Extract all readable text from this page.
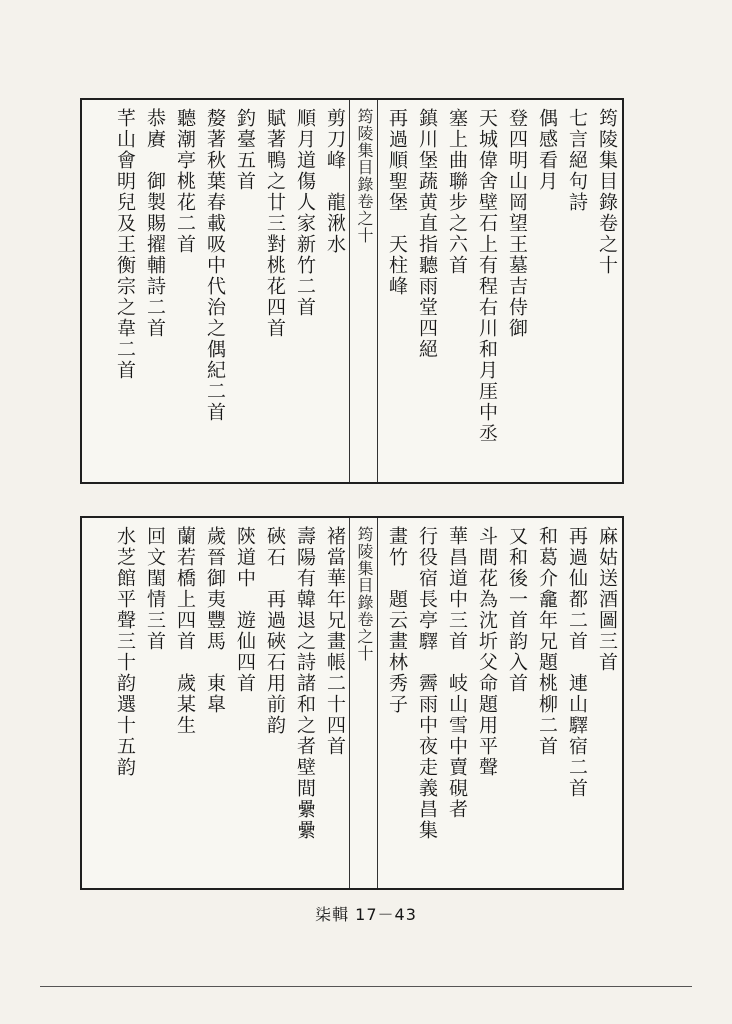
筠陵集目錄卷之十
七言絕句詩
偶感看月
登四明山岡望王墓吉侍御
天城偉舍壁石上有程右川和月厓中丞
塞上曲聯步之六首
鎮川堡蔬黄直指聽雨堂四絕
再過順聖堡　天柱峰
筠陵集目錄卷之十
剪刀峰　龍湫水
順月道傷人家新竹二首
賦著鴨之廿三對桃花四首
釣臺五首
嫠著秋葉春載吸中代治之偶紀二首
聽潮亭桃花二首
恭賡　御製賜擢輔詩二首
芊山會明兒及王衡宗之韋二首
麻姑送酒圖三首
再過仙都二首　連山驛宿二首
和葛介龕年兄題桃柳二首
又和後一首韵入首
斗間花為沈圻父命題用平聲
華昌道中三首　岐山雪中賣硯者
行役宿長亭驛　霽雨中夜走義昌集
畫竹　題云畫林秀子
筠陵集目錄卷之十
褚當華年兄畫帳二十四首
壽陽有韓退之詩諸和之者壁間纍纍
硤石　再過硤石用前韵
陝道中　遊仙四首
歲晉御夷豐馬　東皐
蘭若橋上四首　歲某生
回文閨情三首
水芝館平聲三十韵選十五韵
柒輯 17－43
